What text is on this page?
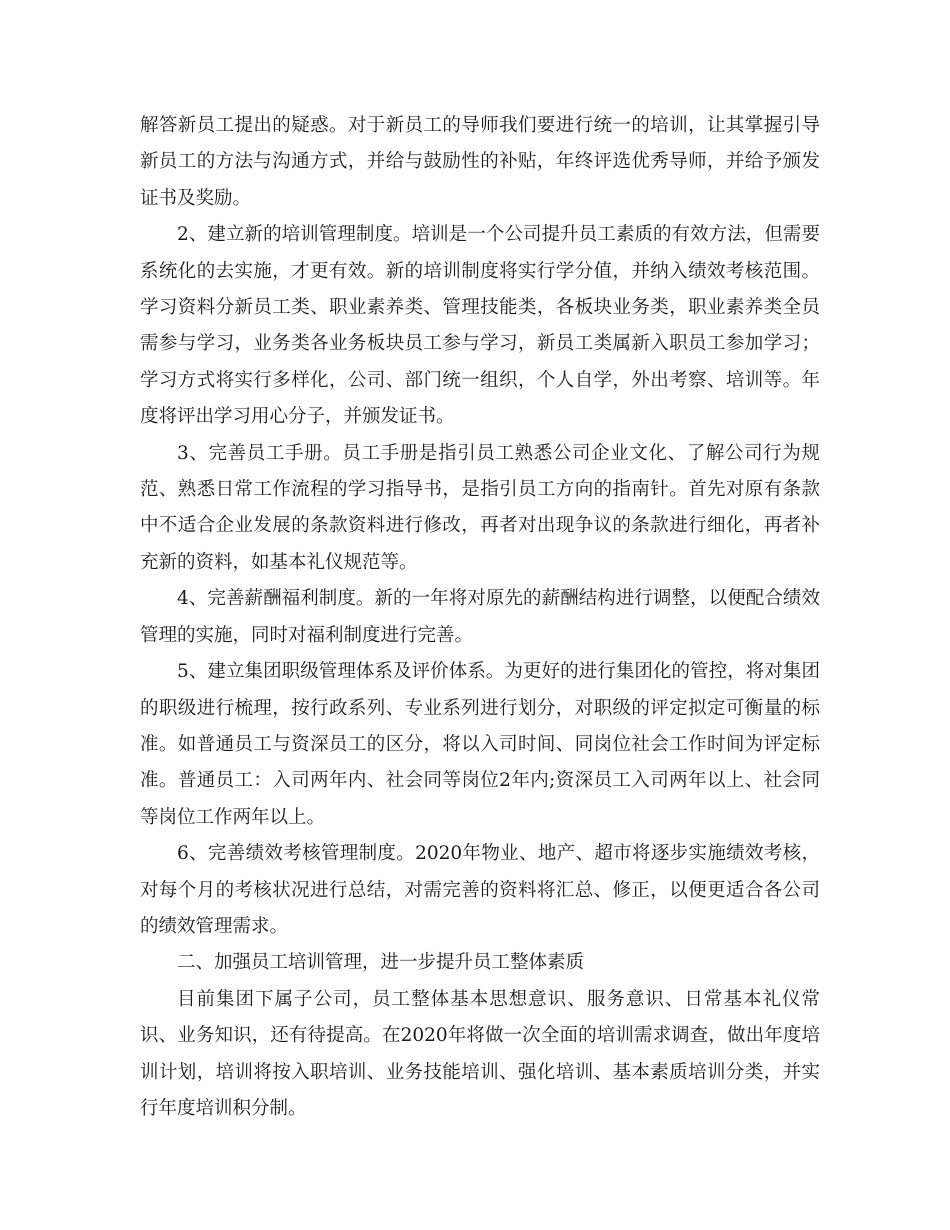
解答新员工提出的疑惑。对于新员工的导师我们要进行统一的培训，让其掌握引导新员工的方法与沟通方式，并给与鼓励性的补贴，年终评选优秀导师，并给予颁发证书及奖励。

2、建立新的培训管理制度。培训是一个公司提升员工素质的有效方法，但需要系统化的去实施，才更有效。新的培训制度将实行学分值，并纳入绩效考核范围。学习资料分新员工类、职业素养类、管理技能类，各板块业务类，职业素养类全员需参与学习，业务类各业务板块员工参与学习，新员工类属新入职员工参加学习；学习方式将实行多样化，公司、部门统一组织，个人自学，外出考察、培训等。年度将评出学习用心分子，并颁发证书。

3、完善员工手册。员工手册是指引员工熟悉公司企业文化、了解公司行为规范、熟悉日常工作流程的学习指导书，是指引员工方向的指南针。首先对原有条款中不适合企业发展的条款资料进行修改，再者对出现争议的条款进行细化，再者补充新的资料，如基本礼仪规范等。

4、完善薪酬福利制度。新的一年将对原先的薪酬结构进行调整，以便配合绩效管理的实施，同时对福利制度进行完善。

5、建立集团职级管理体系及评价体系。为更好的进行集团化的管控，将对集团的职级进行梳理，按行政系列、专业系列进行划分，对职级的评定拟定可衡量的标准。如普通员工与资深员工的区分，将以入司时间、同岗位社会工作时间为评定标准。普通员工：入司两年内、社会同等岗位2年内;资深员工入司两年以上、社会同等岗位工作两年以上。

6、完善绩效考核管理制度。2020年物业、地产、超市将逐步实施绩效考核，对每个月的考核状况进行总结，对需完善的资料将汇总、修正，以便更适合各公司的绩效管理需求。

二、加强员工培训管理，进一步提升员工整体素质

目前集团下属子公司，员工整体基本思想意识、服务意识、日常基本礼仪常识、业务知识，还有待提高。在2020年将做一次全面的培训需求调查，做出年度培训计划，培训将按入职培训、业务技能培训、强化培训、基本素质培训分类，并实行年度培训积分制。
